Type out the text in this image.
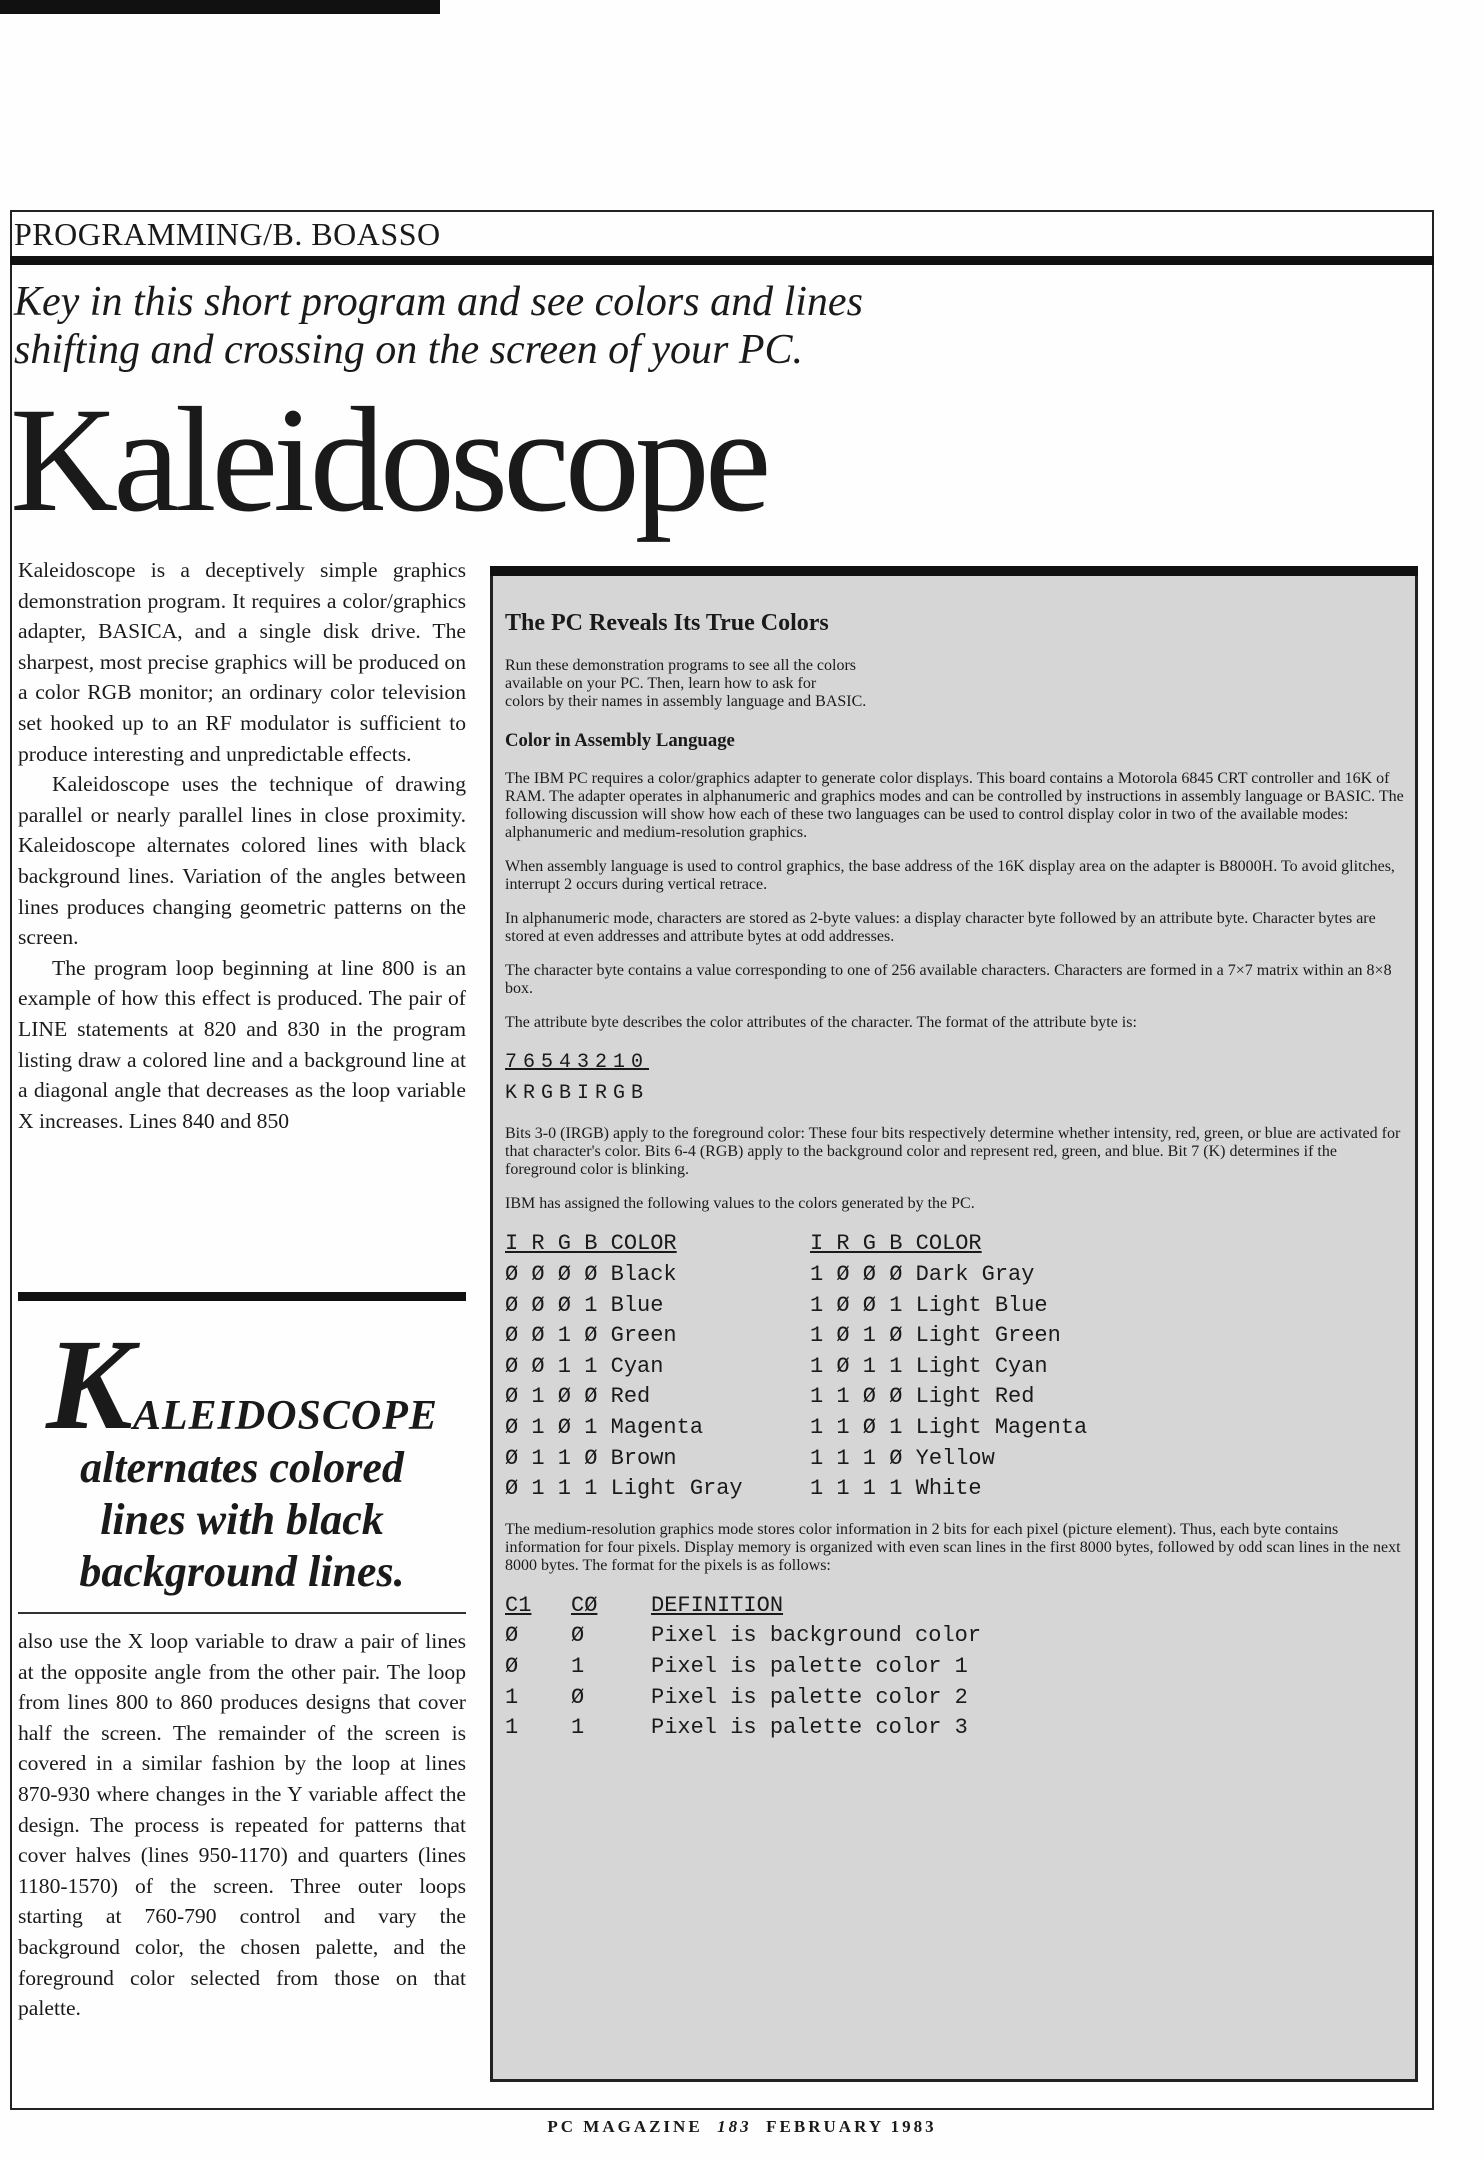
PROGRAMMING/B. BOASSO
Key in this short program and see colors and lines
shifting and crossing on the screen of your PC.
Kaleidoscope

Kaleidoscope is a deceptively simple graphics demonstration program. It requires a color/graphics adapter, BASICA, and a single disk drive. The sharpest, most precise graphics will be produced on a color RGB monitor; an ordinary color television set hooked up to an RF modulator is sufficient to produce interesting and unpredictable effects.

Kaleidoscope uses the technique of drawing parallel or nearly parallel lines in close proximity. Kaleidoscope alternates colored lines with black background lines. Variation of the angles between lines produces changing geometric patterns on the screen.

The program loop beginning at line 800 is an example of how this effect is produced. The pair of LINE statements at 820 and 830 in the program listing draw a colored line and a background line at a diagonal angle that decreases as the loop variable X increases. Lines 840 and 850

K ALEIDOSCOPE
alternates colored
lines with black
background lines.

also use the X loop variable to draw a pair of lines at the opposite angle from the other pair. The loop from lines 800 to 860 produces designs that cover half the screen. The remainder of the screen is covered in a similar fashion by the loop at lines 870-930 where changes in the Y variable affect the design. The process is repeated for patterns that cover halves (lines 950-1170) and quarters (lines 1180-1570) of the screen. Three outer loops starting at 760-790 control and vary the background color, the chosen palette, and the foreground color selected from those on that palette.

The PC Reveals Its True Colors
Run these demonstration programs to see all the colors
available on your PC. Then, learn how to ask for
colors by their names in assembly language and BASIC.
Color in Assembly Language

The IBM PC requires a color/graphics adapter to generate color displays. This board contains a Motorola 6845 CRT controller and 16K of RAM. The adapter operates in alphanumeric and graphics modes and can be controlled by instructions in assembly language or BASIC. The following discussion will show how each of these two languages can be used to control display color in two of the available modes: alphanumeric and medium-resolution graphics.

When assembly language is used to control graphics, the base address of the 16K display area on the adapter is B8000H. To avoid glitches, interrupt 2 occurs during vertical retrace.

In alphanumeric mode, characters are stored as 2-byte values: a display character byte followed by an attribute byte. Character bytes are stored at even addresses and attribute bytes at odd addresses.

The character byte contains a value corresponding to one of 256 available characters. Characters are formed in a 7×7 matrix within an 8×8 box.

The attribute byte describes the color attributes of the character. The format of the attribute byte is:

76543210
KRGBIRGB

Bits 3-0 (IRGB) apply to the foreground color: These four bits respectively determine whether intensity, red, green, or blue are activated for that character's color. Bits 6-4 (RGB) apply to the background color and represent red, green, and blue. Bit 7 (K) determines if the foreground color is blinking.

IBM has assigned the following values to the colors generated by the PC.

I R G B COLOR
Ø Ø Ø Ø Black
Ø Ø Ø 1 Blue
Ø Ø 1 Ø Green
Ø Ø 1 1 Cyan
Ø 1 Ø Ø Red
Ø 1 Ø 1 Magenta
Ø 1 1 Ø Brown
Ø 1 1 1 Light Gray
I R G B COLOR
1 Ø Ø Ø Dark Gray
1 Ø Ø 1 Light Blue
1 Ø 1 Ø Light Green
1 Ø 1 1 Light Cyan
1 1 Ø Ø Light Red
1 1 Ø 1 Light Magenta
1 1 1 Ø Yellow
1 1 1 1 White

The medium-resolution graphics mode stores color information in 2 bits for each pixel (picture element). Thus, each byte contains information for four pixels. Display memory is organized with even scan lines in the first 8000 bytes, followed by odd scan lines in the next 8000 bytes. The format for the pixels is as follows:

C1	CØ	DEFINITION
Ø	Ø	Pixel is background color
Ø	1	Pixel is palette color 1
1	Ø	Pixel is palette color 2
1	1	Pixel is palette color 3
PC MAGAZINE 183 FEBRUARY 1983
